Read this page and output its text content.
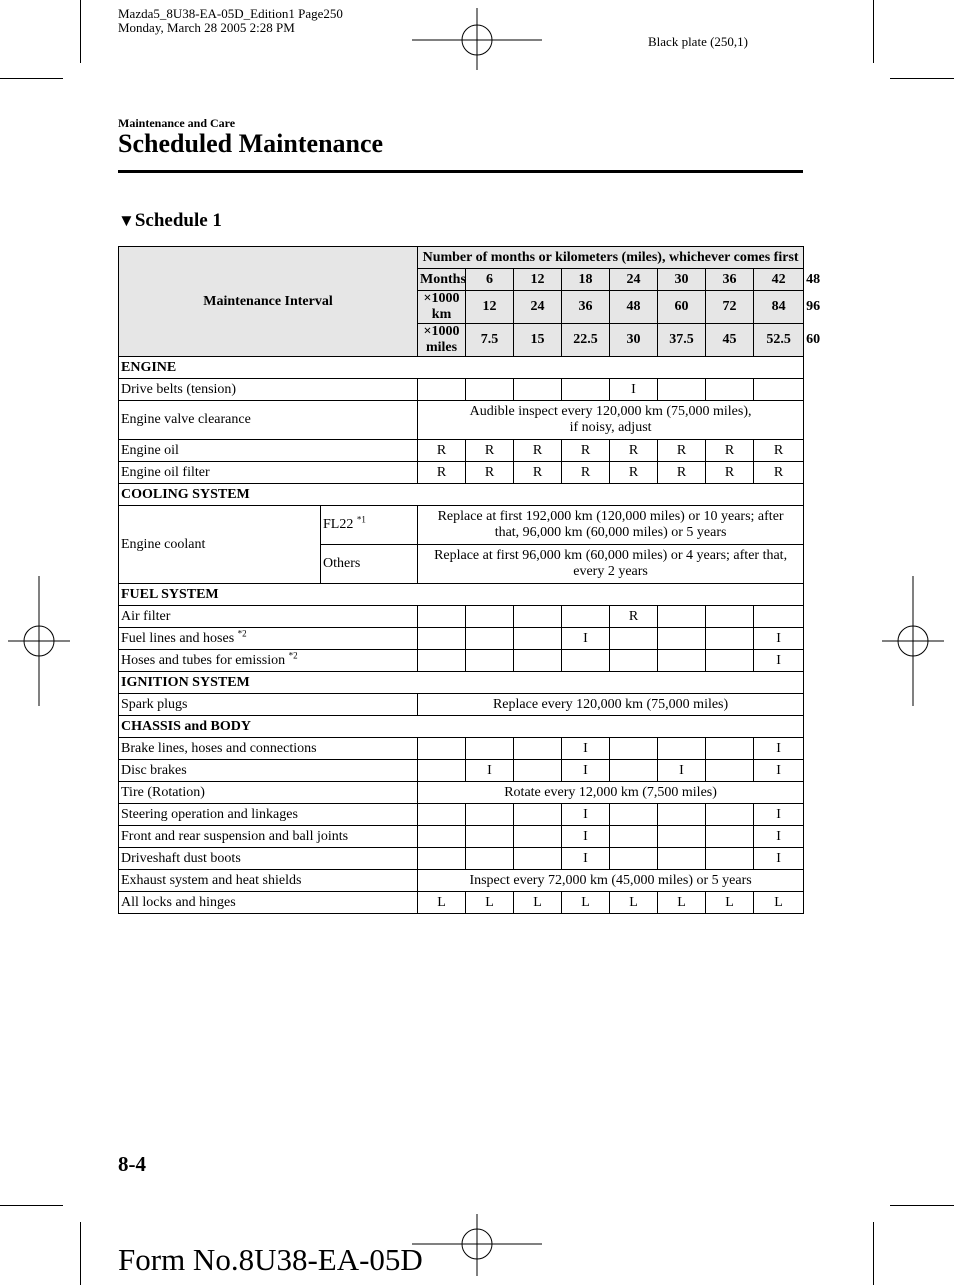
Mazda5_8U38-EA-05D_Edition1 Page250
Monday, March 28 2005 2:28 PM
Black plate (250,1)
Maintenance and Care
Scheduled Maintenance
▼Schedule 1
Maintenance Interval		Number of months or kilometers (miles), whichever comes first								
		Months	6	12	18	24	30	36	42	48
		×1000 km	12	24	36	48	60	72	84	96
		×1000 miles	7.5	15	22.5	30	37.5	45	52.5	60
ENGINE										
Drive belts (tension)						I				
Engine valve clearance		Audible inspect every 120,000 km (75,000 miles),
if noisy, adjust								

Engine oil		R	R	R	R	R	R	R	R	
Engine oil filter		R	R	R	R	R	R	R	R	
COOLING SYSTEM										
Engine coolant	FL22 $^{*1}$	Replace at first 192,000 km (120,000 miles) or 10 years; after
that, 96,000 km (60,000 miles) or 5 years								

	Others	Replace at first 96,000 km (60,000 miles) or 4 years; after that,
every 2 years								

FUEL SYSTEM										
Air filter						R				
Fuel lines and hoses $^{*2}$					I				I	
Hoses and tubes for emission $^{*2}$									I	
IGNITION SYSTEM										
Spark plugs		Replace every 120,000 km (75,000 miles)								
CHASSIS and BODY										
Brake lines, hoses and connections					I				I	
Disc brakes			I		I		I		I	
Tire (Rotation)		Rotate every 12,000 km (7,500 miles)								
Steering operation and linkages					I				I	
Front and rear suspension and ball joints					I				I	
Driveshaft dust boots					I				I	
Exhaust system and heat shields		Inspect every 72,000 km (45,000 miles) or 5 years								
All locks and hinges		L	L	L	L	L	L	L	L	
8-4
Form No.8U38-EA-05D
